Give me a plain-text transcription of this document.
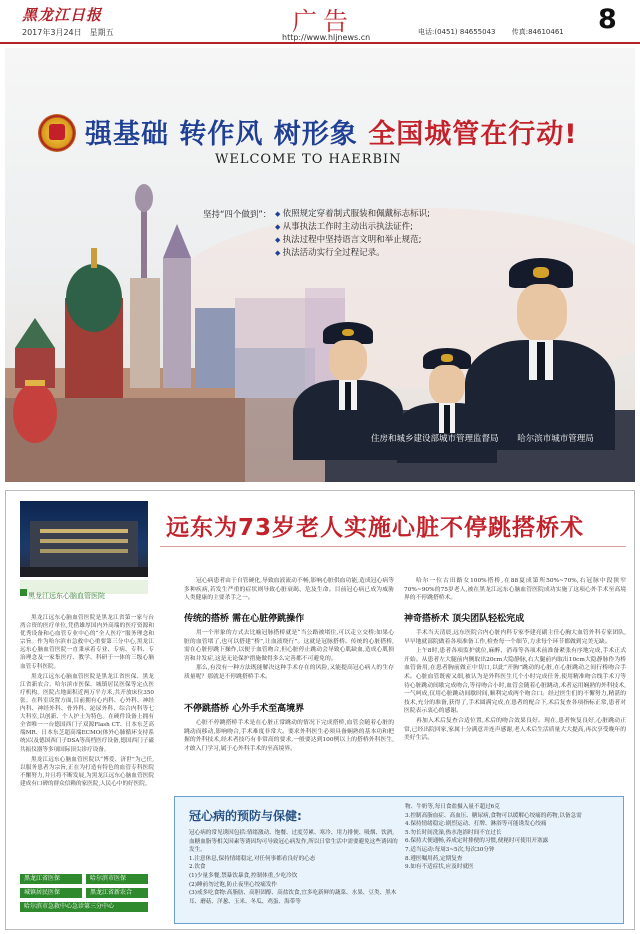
黑龙江日报
2017年3月24日　星期五	广告
http://www.hljnews.cn
电话:(0451) 84655043 传真:84610461	8
强基础 转作风 树形象 全国城管在行动!
WELCOME TO HAERBIN
坚持“四个做到”：
◆	依照规定穿着制式服装和佩戴标志标识;
◆ 从事执法工作时主动出示执法证件;
◆ 执法过程中坚持语言文明和举止规范;
◆ 执法活动实行全过程记录。
住房和城乡建设部城市管理监督局 哈尔滨市城市管理局
黑龙江远东心脑血管医院

黑龙江远东心脑血管医院是黑龙江省第一家与台湾合资的医疗单位,凭借雄厚国内外高端的医疗资源和优秀设备和心血管专业中心的“全人医疗”服务理念和宗旨。作为哈尔滨市急救中心重要第三分中心,黑龙江远东心脑血管医院一直秉承着专业、专病、专科、专治理念及一家集医疗、教学、科研于一体的三级心脑血管专科医院。

黑龙江远东心脑血管医院是黑龙江省医保、黑龙江省新农合、哈尔滨市医保、城镇居民医保等定点医疗机构。医院占地面积近两万平方米,共开放床位350张。在科室设置方面,目前拥有心内科、心外科、神经内科、神经外科、骨外科、泌尿外科、综合内科等七大科室,以创新、个人护士为特色。在硬件设备上拥有全省唯一一台德国西门子双源Flash CT、日本东芝高端MR、日本东芝超高端ECMO(体外心肺循环支持系统)以及德国西门子DSA等高档医疗设备,德国西门子磁共振仪器等多项国际顶尖诊疗设备。

黑龙江远东心脑血管医院以“博爱、济世”为己任,以服务患者为宗旨,正在为打造有特色的血管专科医院不懈努力,并且将不断发展,为黑龙江远东心脑血管医院建成有口碑的群众信赖的家医院,人民心中的好医院。

黑龙江省医保	哈尔滨市医保
城镇居民医保	黑龙江省新农合
哈尔滨市急救中心急诊第三分中心
远东为73岁老人实施心脏不停跳搭桥术

冠心病患者由于自管硬化,导致血液流动不畅,影响心脏供血功能,造成冠心病等多种疾病,若发生严重的症状则导致心脏衰竭、危及生命。目前冠心病已成为威胁人类健康的主要杀手之一。

传统的搭桥 需在心脏停跳操作

用一个形象的方式去比喻冠脉搭桥就是“当公路被堵住,可以走立交桥;如果心脏的血管堵了,也可以搭建“桥”,让血液绕行”。这就是冠脉搭桥。传统的心脏搭桥,需在心脏停跳下操作,以便于血管吻合,但心脏停止跳动会导致心肌缺血,造成心肌损害和并发症,这是无论保护措施做得多么完善都不可避免的。

那么,有没有一种方法既能解决这种手术存在的风险,又能提高冠心病人的生存质量呢？那就是不停跳搭桥手术。

不停跳搭桥 心外手术至高境界

心脏不停跳搭桥手术是在心脏正常跳动的情况下完成搭桥,血管会随着心脏的跳动而移动,影响吻合,手术难度非常大。要求外科医生必须具备娴熟的基本功和把握的外科技术,经术者技巧有非常高的要求,一般要达到100例以上的搭桥外科医生,才敢入门学习,属于心外科手术的至高境界。

哈尔一位古田路女100%搭桥,在88夏成第所50%~70%,右冠脉中段狭窄70%~90%的75岁老人,被在黑龙江远东心脑血管医院成功实施了这项心外手术至高境界的不停跳搭桥术。

神奇搭桥术 顶尖团队轻松完成

手术当天清晨,远东医院合内心脏内科专家李建亮副主任心胸大血管外科专家团队,早早地就部院做着各项准备工作,检查每一个细节,力求每个环节都做到完美无缺。

上午8时,患者各项监护就位,麻醉、消毒等各项术前准备紧张有序地完成,手术正式开始。从患者左大腿前内侧取出20cm大隐静脉,右大腿前内取出10cm大隐静脉作为桥血管备用,在患者胸前做正中切口,以此“开胸”跳动的心脏,在心脏跳动之间行桥吻合手术。心脏血管既密又细,被认为是外科医生几个小时完成任务,使用精准吻合线手术刀等待心脏跳动间歇完成吻合,等待吻合小时,血管会随着心脏跳动,术者运用娴熟的外科技术,一气呵成,仅用心脏跳动间歇时间,顺利完成两个吻合口。经过医生们的不懈努力,精湛的技术,充分的准备,获得了,手术圆满完成,在患者的配合下,术后复查各项指标正常,患者对医院表示衷心的感谢。

再加入术后复查合适位置,术后的吻合效果良好。现在,患者恢复良好,心脏跳动正常,已经出院回家,家属十分满意并连声感谢,老人术后生活质量大大提高,再次享受晚年的美好生活。

冠心病的预防与保健:

冠心病的常见诱因包括:情绪激动、饱餐、过度劳累、寒冷、用力排便、吸烟、饮酒,血糖血脂等相关因素等诱因均可导致冠心病发作,所以日常生活中需要避免这些诱因的发生。

1.注意休息,保持情绪稳定,对任何事都看良好的心态

2.饮食

(1)少量多餐,禁暴饮暴食,控制体重,少吃冷饮

(2)睡前勿过饱,防止夜里心绞痛发作

(3)戒多吃食物:高脂肪、高胆固醇、高盐饮食,宜多吃新鲜的蔬菜、水果、豆类、黑木耳、蘑菇、洋葱、玉米、冬瓜、鸡蛋、海带等

物、牛奶等,每日食盐摄入量不超过6克

3.控制高脂血症、高血压、糖尿病,食物可以缓解心绞痛的药物,以备急需

4.保持情绪稳定:剧烈运动、打牌、淋浴等可能诱发心绞痛

5.勿长时间洗澡,热水泡浴时间不宜过长

6.保持大便通畅,养成定时排便的习惯,便秘时可使用开塞露

7.适当运动:每周3~5次,每次30分钟

8.遵医嘱用药,定期复查

9.如有不适症状,应及时就医
